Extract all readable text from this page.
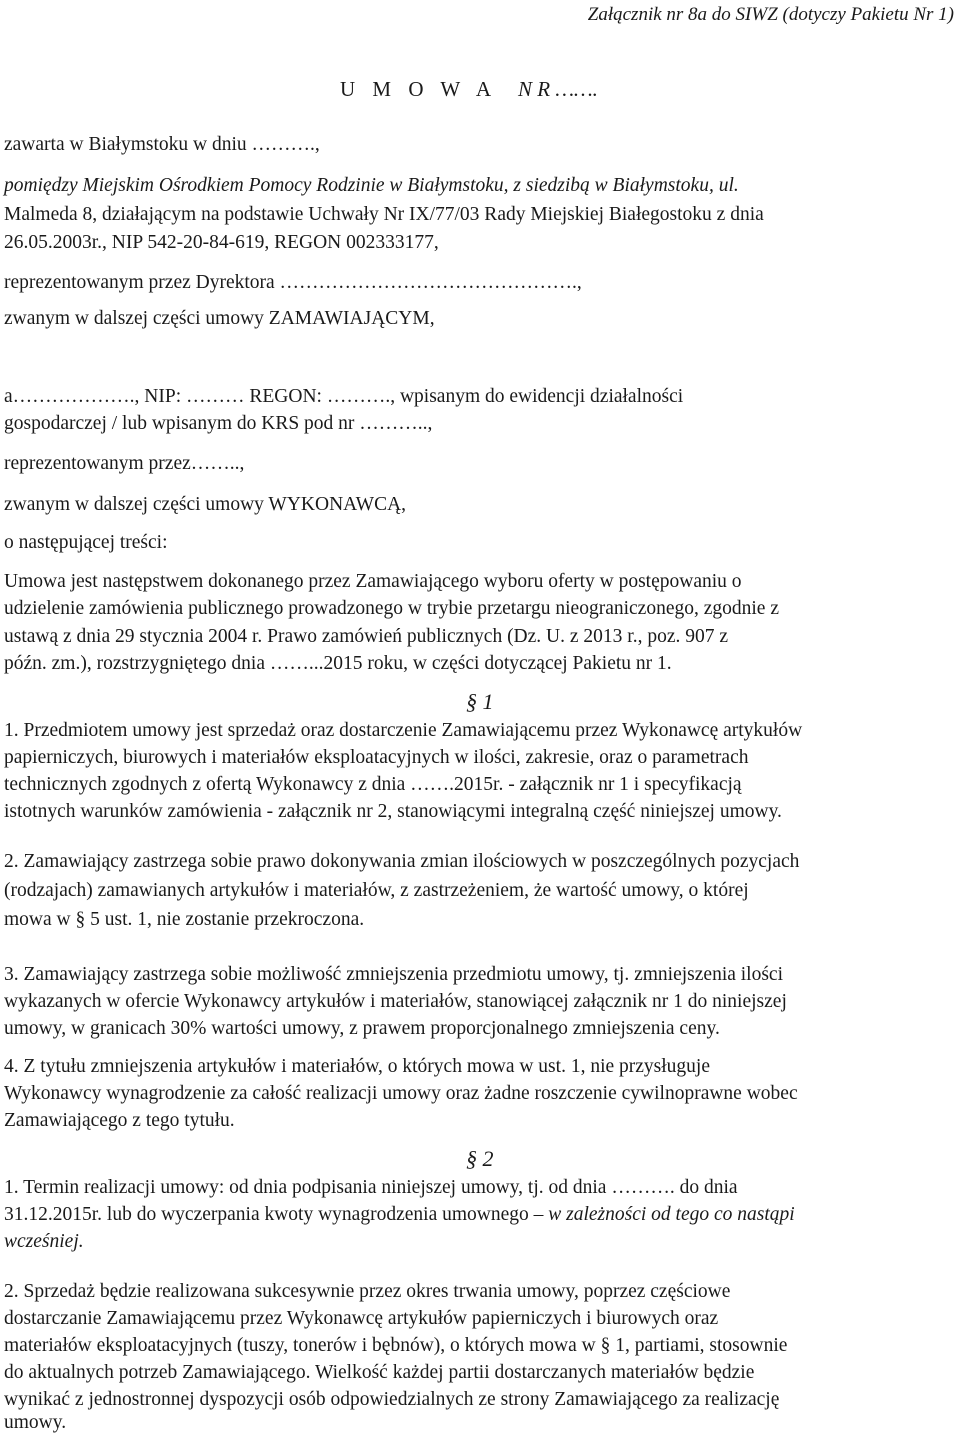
Załącznik nr 8a do SIWZ (dotyczy Pakietu Nr 1)
U M O W A N R …….
zawarta w Białymstoku w dniu ……….,
pomiędzy Miejskim Ośrodkiem Pomocy Rodzinie w Białymstoku, z siedzibą w Białymstoku, ul.
Malmeda 8, działającym na podstawie Uchwały Nr IX/77/03 Rady Miejskiej Białegostoku z dnia
26.05.2003r., NIP 542-20-84-619, REGON 002333177,
reprezentowanym przez Dyrektora ……………………………………….,
zwanym w dalszej części umowy ZAMAWIAJĄCYM,
a………………., NIP: ……… REGON: ………., wpisanym do ewidencji działalności
gospodarczej / lub wpisanym do KRS pod nr ………..,
reprezentowanym przez……..,
zwanym w dalszej części umowy WYKONAWCĄ,
o następującej treści:
Umowa jest następstwem dokonanego przez Zamawiającego wyboru oferty w postępowaniu o
udzielenie zamówienia publicznego prowadzonego w trybie przetargu nieograniczonego, zgodnie z
ustawą z dnia 29 stycznia 2004 r. Prawo zamówień publicznych (Dz. U. z 2013 r., poz. 907 z
późn. zm.), rozstrzygniętego dnia ……...2015 roku, w części dotyczącej Pakietu nr 1.
§ 1
1. Przedmiotem umowy jest sprzedaż oraz dostarczenie Zamawiającemu przez Wykonawcę artykułów
papierniczych, biurowych i materiałów eksploatacyjnych w ilości, zakresie, oraz o parametrach
technicznych zgodnych z ofertą Wykonawcy z dnia …….2015r. - załącznik nr 1 i specyfikacją
istotnych warunków zamówienia - załącznik nr 2, stanowiącymi integralną część niniejszej umowy.
2. Zamawiający zastrzega sobie prawo dokonywania zmian ilościowych w poszczególnych pozycjach
(rodzajach) zamawianych artykułów i materiałów, z zastrzeżeniem, że wartość umowy, o której
mowa w § 5 ust. 1, nie zostanie przekroczona.
3. Zamawiający zastrzega sobie możliwość zmniejszenia przedmiotu umowy, tj. zmniejszenia ilości
wykazanych w ofercie Wykonawcy artykułów i materiałów, stanowiącej załącznik nr 1 do niniejszej
umowy, w granicach 30% wartości umowy, z prawem proporcjonalnego zmniejszenia ceny.
4. Z tytułu zmniejszenia artykułów i materiałów, o których mowa w ust. 1, nie przysługuje
Wykonawcy wynagrodzenie za całość realizacji umowy oraz żadne roszczenie cywilnoprawne wobec
Zamawiającego z tego tytułu.
§ 2
1. Termin realizacji umowy: od dnia podpisania niniejszej umowy, tj. od dnia ………. do dnia
31.12.2015r. lub do wyczerpania kwoty wynagrodzenia umownego – w zależności od tego co nastąpi
wcześniej.
2. Sprzedaż będzie realizowana sukcesywnie przez okres trwania umowy, poprzez częściowe
dostarczanie Zamawiającemu przez Wykonawcę artykułów papierniczych i biurowych oraz
materiałów eksploatacyjnych (tuszy, tonerów i bębnów), o których mowa w § 1, partiami, stosownie
do aktualnych potrzeb Zamawiającego. Wielkość każdej partii dostarczanych materiałów będzie
wynikać z jednostronnej dyspozycji osób odpowiedzialnych ze strony Zamawiającego za realizację
umowy.
